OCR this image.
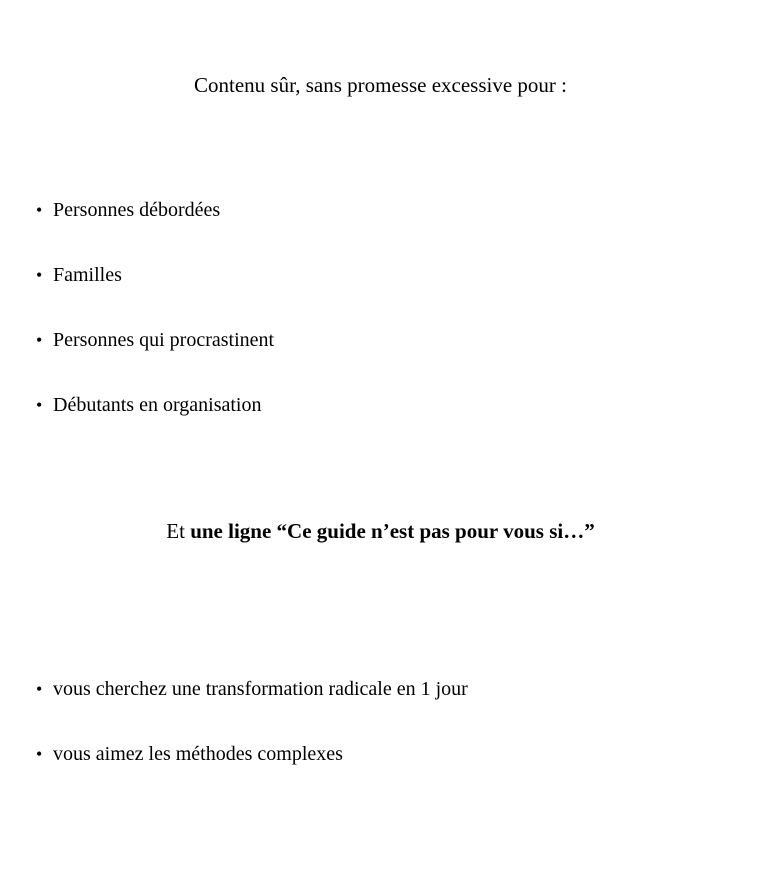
Contenu sûr, sans promesse excessive pour :
• Personnes débordées
• Familles
• Personnes qui procrastinent
• Débutants en organisation
Et une ligne “Ce guide n’est pas pour vous si…”
• vous cherchez une transformation radicale en 1 jour
• vous aimez les méthodes complexes
